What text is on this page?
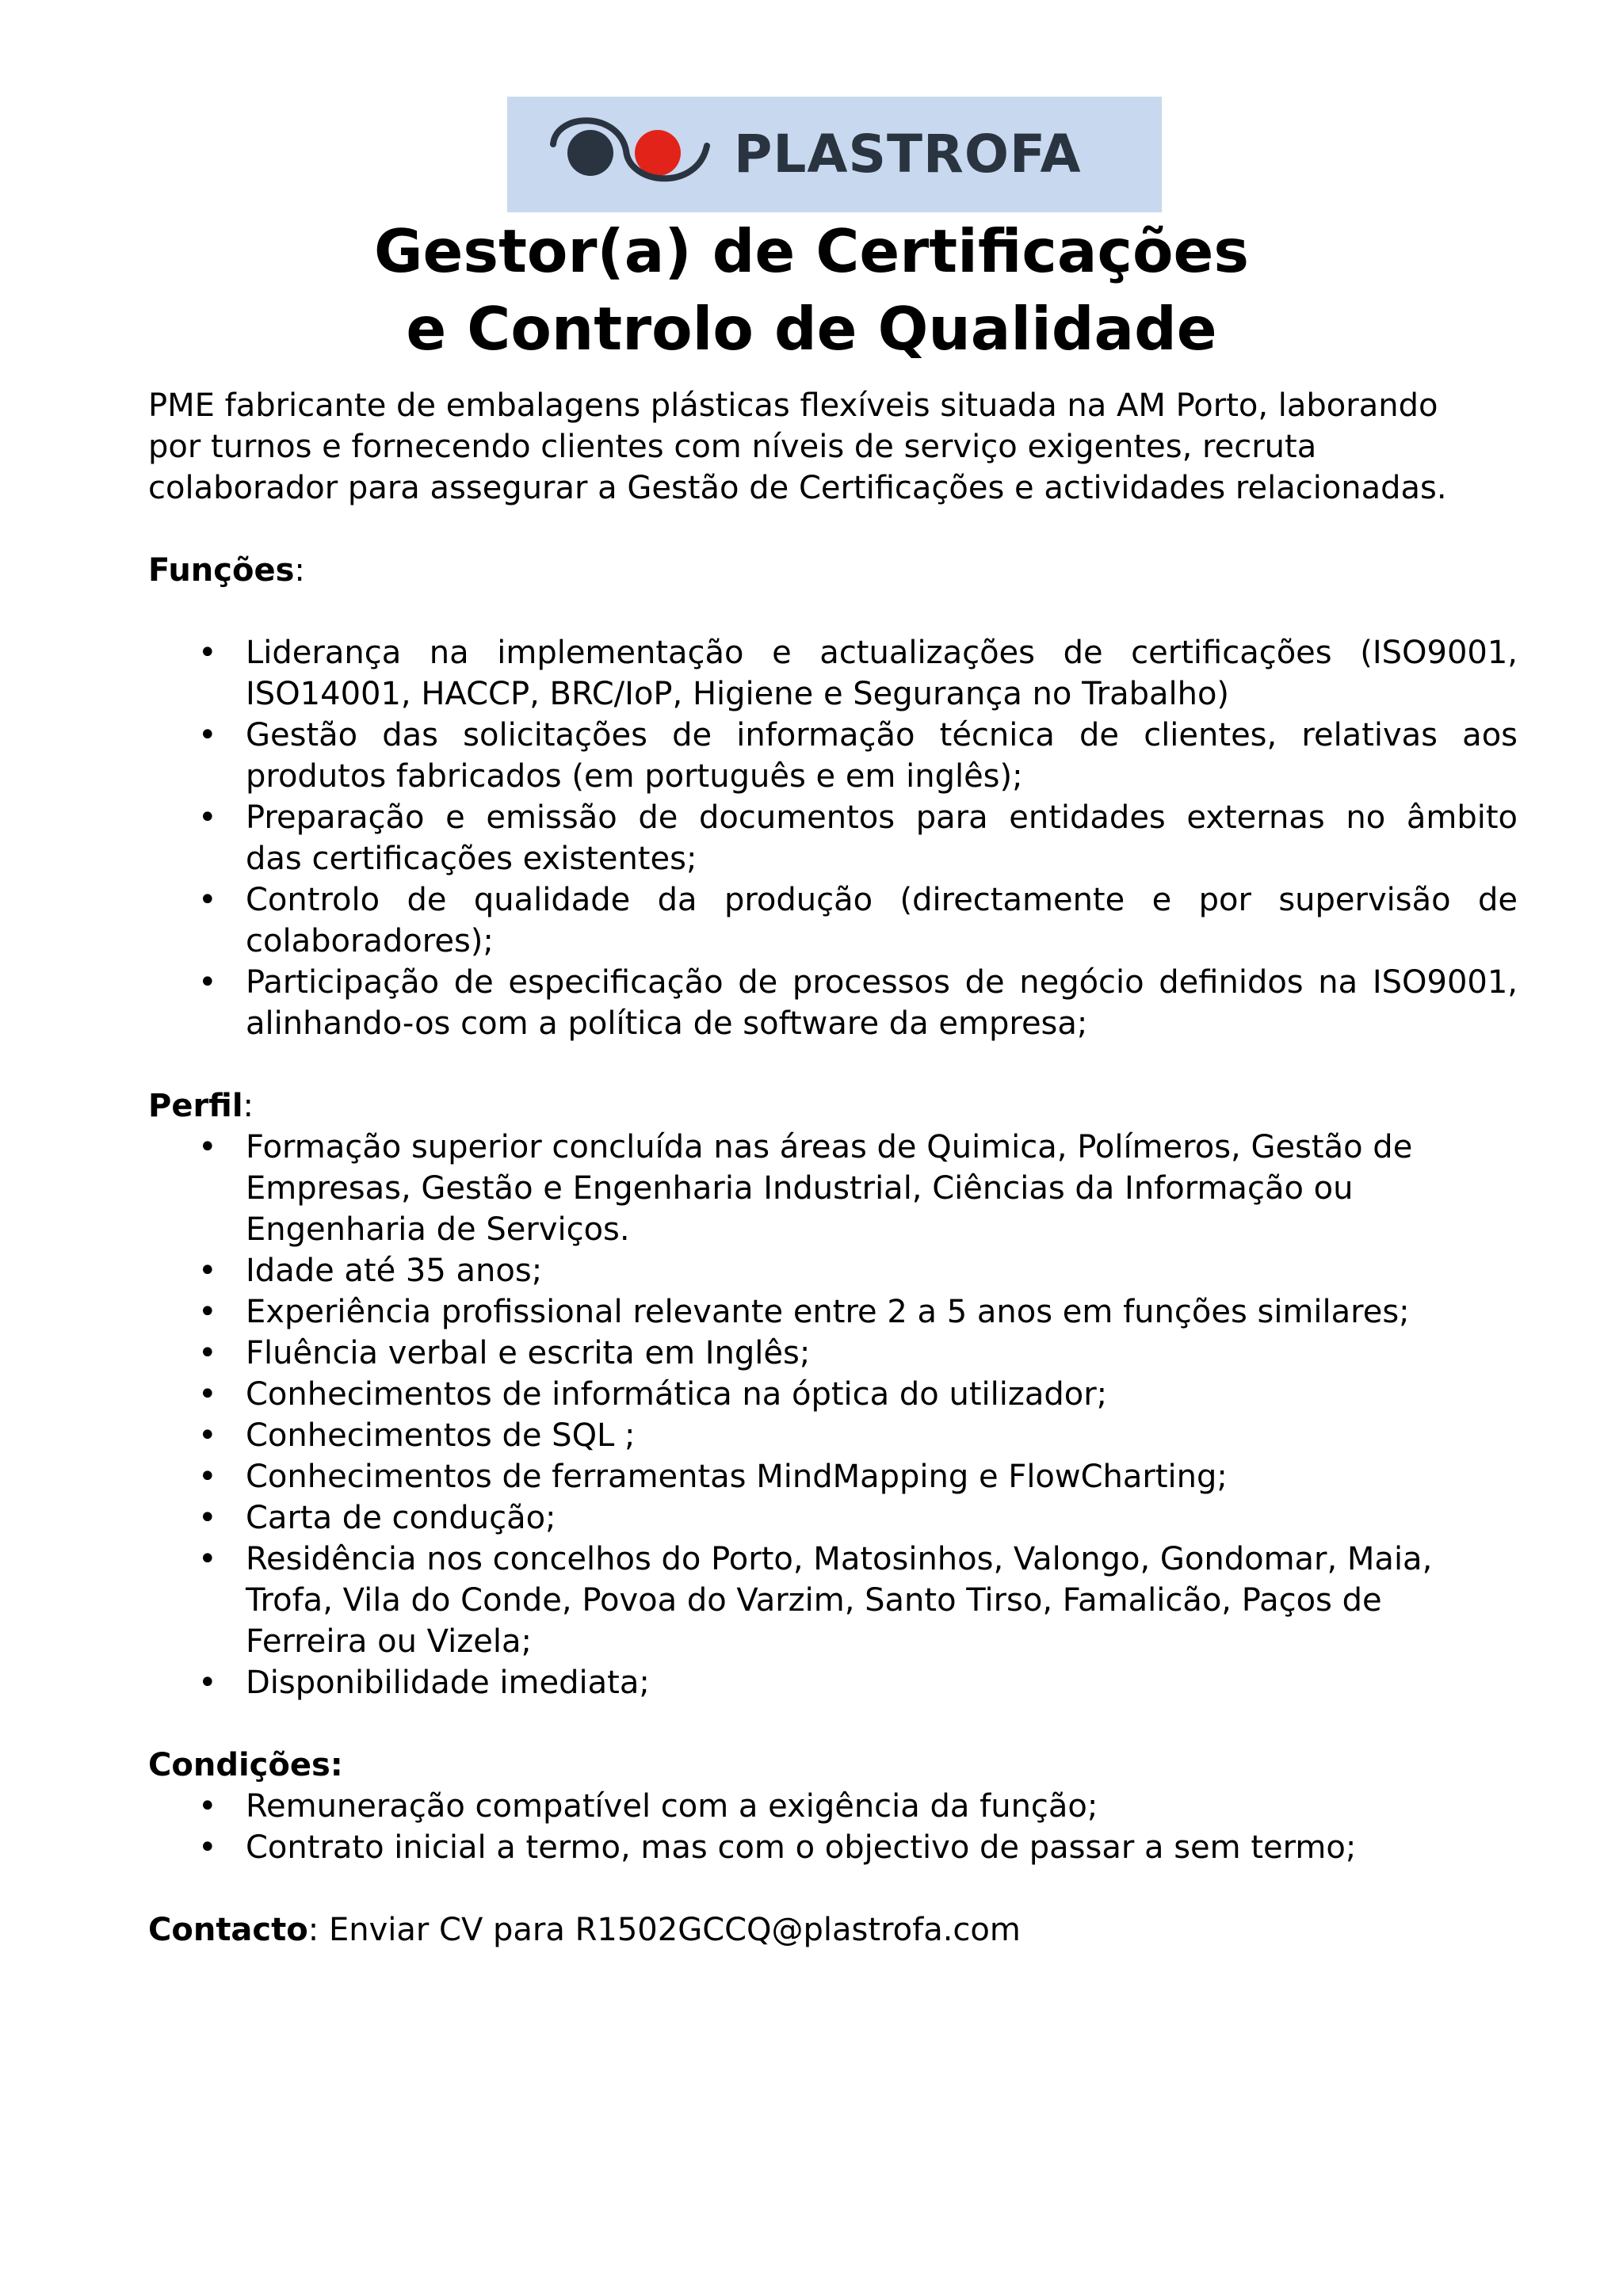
PLASTROFA
Gestor(a) de Certificações
e Controlo de Qualidade

PME fabricante de embalagens plásticas flexíveis situada na AM Porto, laborando
por turnos e fornecendo clientes com níveis de serviço exigentes, recruta
colaborador para assegurar a Gestão de Certificações e actividades relacionadas.

Funções:

• Liderança na implementação e actualizações de certificações (ISO9001,
ISO14001, HACCP, BRC/IoP, Higiene e Segurança no Trabalho)
• Gestão das solicitações de informação técnica de clientes, relativas aos
produtos fabricados (em português e em inglês);
• Preparação e emissão de documentos para entidades externas no âmbito
das certificações existentes;
• Controlo de qualidade da produção (directamente e por supervisão de
colaboradores);
• Participação de especificação de processos de negócio definidos na ISO9001,
alinhando-os com a política de software da empresa;

Perfil:

• Formação superior concluída nas áreas de Quimica, Polímeros, Gestão de
Empresas, Gestão e Engenharia Industrial, Ciências da Informação ou
Engenharia de Serviços.
• Idade até 35 anos;
• Experiência profissional relevante entre 2 a 5 anos em funções similares;
• Fluência verbal e escrita em Inglês;
• Conhecimentos de informática na óptica do utilizador;
• Conhecimentos de SQL ;
• Conhecimentos de ferramentas MindMapping e FlowCharting;
• Carta de condução;
• Residência nos concelhos do Porto, Matosinhos, Valongo, Gondomar, Maia,
Trofa, Vila do Conde, Povoa do Varzim, Santo Tirso, Famalicão, Paços de
Ferreira ou Vizela;
• Disponibilidade imediata;

Condições:

• Remuneração compatível com a exigência da função;
• Contrato inicial a termo, mas com o objectivo de passar a sem termo;

Contacto: Enviar CV para R1502GCCQ@plastrofa.com
